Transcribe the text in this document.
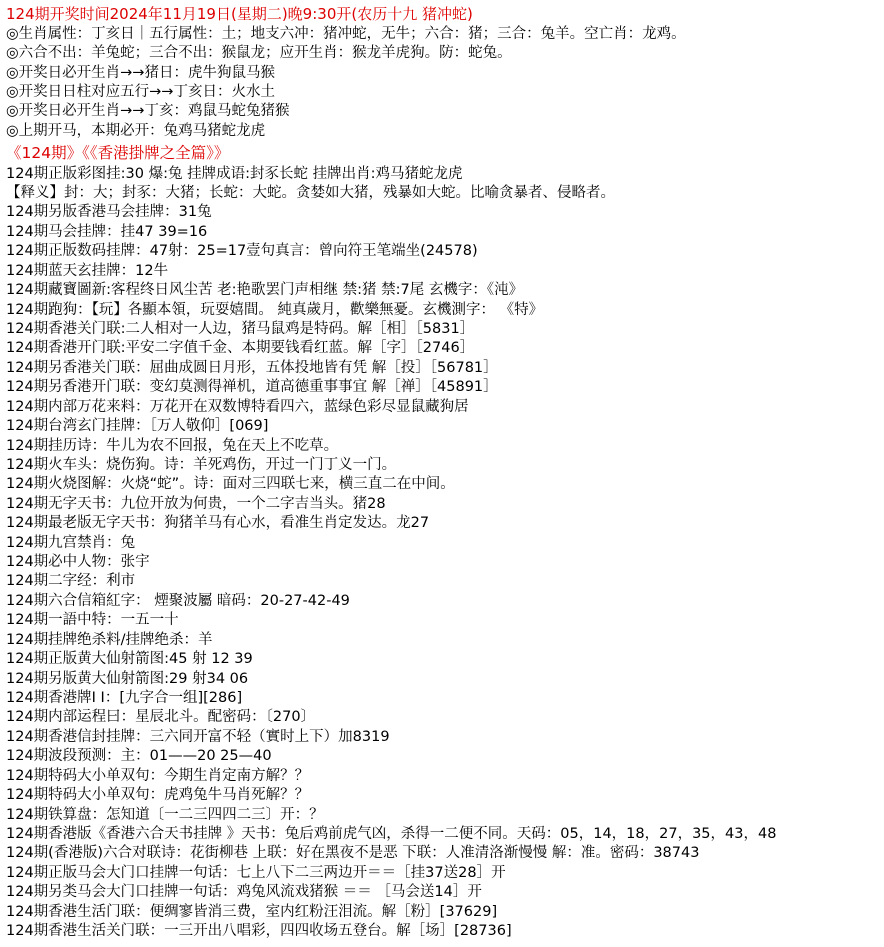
124期开奖时间2024年11月19日(星期二)晚9:30开(农历十九 猪冲蛇)
◎生肖属性：丁亥日｜五行属性：土；地支六冲：猪冲蛇，无牛；六合：猪；三合：兔羊。空亡肖：龙鸡。
◎六合不出：羊兔蛇；三合不出：猴鼠龙；应开生肖：猴龙羊虎狗。防：蛇兔。
◎开奖日必开生肖→→猪日：虎牛狗鼠马猴
◎开奖日日柱对应五行→→丁亥日：火水土
◎开奖日必开生肖→→丁亥：鸡鼠马蛇兔猪猴
◎上期开马，本期必开：兔鸡马猪蛇龙虎
《124期》《《香港掛牌之全篇》》
124期正版彩图挂:30 爆:兔 挂牌成语:封豕长蛇 挂牌出肖:鸡马猪蛇龙虎
【释义】封：大；封豕：大猪；长蛇：大蛇。贪婪如大猪，残暴如大蛇。比喻贪暴者、侵略者。
124期另版香港马会挂牌：31兔
124期马会挂牌：挂47 39=16
124期正版数码挂牌：47射：25=17壹句真言：曾向符王笔端坐(24578)
124期蓝天玄挂牌：12牛
124期藏寶圖新:客程终日风尘苦 老:艳歌罢门声相继 禁:猪 禁:7尾 玄機字：《沌》
124期跑狗：【玩】各顯本領，玩耍嬉間。 純真歲月，歡樂無憂。玄機測字： 《特》
124期香港关门联:二人相对一人边，猪马鼠鸡是特码。解［相］［5831］
124期香港开门联:平安二字值千金、本期要钱看红蓝。解［字］［2746］
124期另香港关门联：屈曲成圆日月形，五体投地皆有凭 解［投］［56781］
124期另香港开门联：变幻莫测得禅机，道高德重事事宜 解［禅］［45891］
124期内部万花来料：万花开在双数博特看四六，蓝绿色彩尽显鼠藏狗居
124期台湾玄门挂牌：［万人敬仰］[069]
124期挂历诗：牛儿为农不回报，兔在天上不吃草。
124期火车头：烧伤狗。诗：羊死鸡伤，开过一门丁义一门。
124期火烧图解：火烧“蛇”。诗：面对三四联七来，横三直二在中间。
124期无字天书：九位开放为何贵，一个二字吉当头。猪28
124期最老版无字天书：狗猪羊马有心水，看准生肖定发达。龙27
124期九宫禁肖：兔
124期必中人物：张宇
124期二字经：利市
124期六合信箱紅字： 煙聚波屬 暗码：20-27-42-49
124期一語中特：一五一十
124期挂牌绝杀料/挂牌绝杀：羊
124期正版黄大仙射箭图:45 射 12 39
124期另版黄大仙射箭图:29 射34 06
124期香港牌I I：[九字合一组][286]
124期内部运程曰：星辰北斗。配密码：〔270〕
124期香港信封挂牌：三六同开富不轻（實时上下）加8319
124期波段预测：主：01——20 25—40
124期特码大小单双句：今期生肖定南方解？？
124期特码大小单双句：虎鸡兔牛马肖死解？？
124期铁算盘：怎知道〔一二三四四二三〕开：？
124期香港版《香港六合天书挂牌 》天书：兔后鸡前虎气凶，杀得一二便不同。天码：05，14，18，27，35，43，48
124期(香港版)六合对联诗：花街柳巷 上联：好在黑夜不是恶 下联：人准清洛渐慢慢 解：准。密码：38743
124期正版马会大门口挂牌一句话：七上八下二三两边开＝＝［挂37送28］开
124期另类马会大门口挂牌一句话：鸡兔风流戏猪猴 ＝＝ ［马会送14］开
124期香港生活门联：便绸寥皆消三费，室内红粉汪泪流。解［粉］[37629]
124期香港生活关门联：一三开出八唱彩，四四收场五登台。解［场］[28736]
